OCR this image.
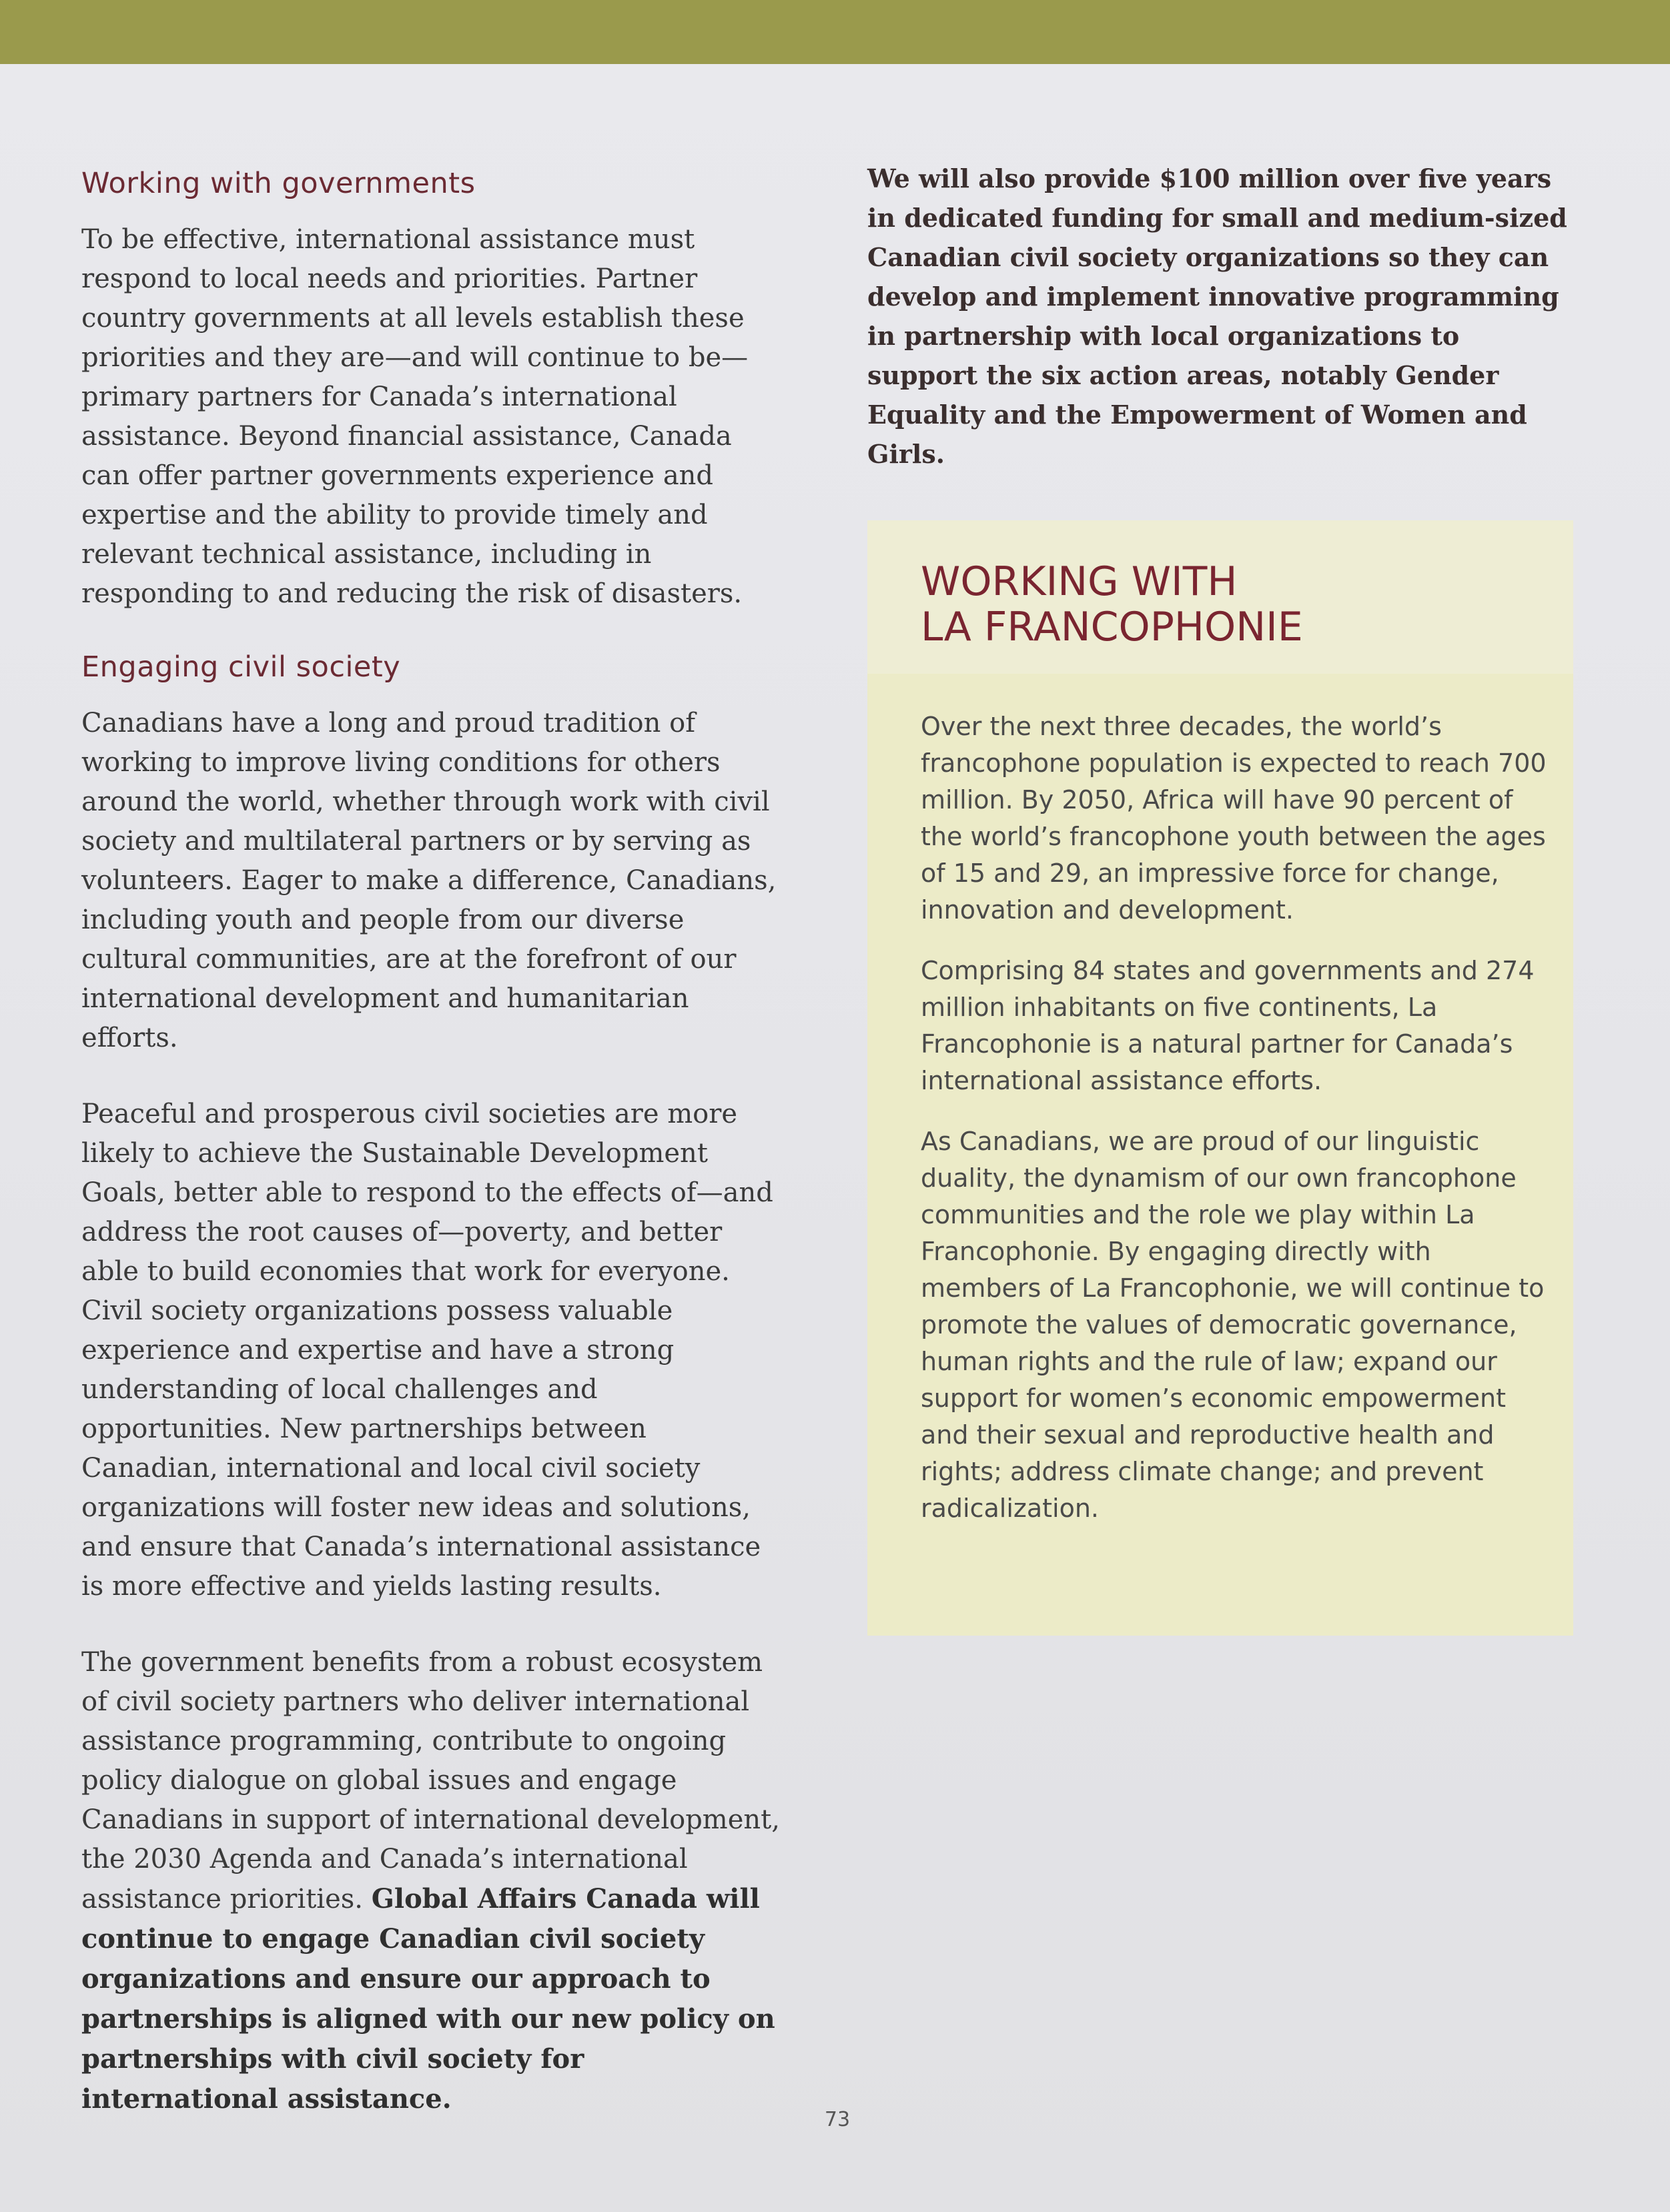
Working with governments

To be effective, international assistance must respond to local needs and priorities. Partner country governments at all levels establish these priorities and they are—and will continue to be—primary partners for Canada’s international assistance. Beyond financial assistance, Canada can offer partner governments experience and expertise and the ability to provide timely and relevant technical assistance, including in responding to and reducing the risk of disasters.

Engaging civil society

Canadians have a long and proud tradition of working to improve living conditions for others around the world, whether through work with civil society and multilateral partners or by serving as volunteers. Eager to make a difference, Canadians, including youth and people from our diverse cultural communities, are at the forefront of our international development and humanitarian efforts.

Peaceful and prosperous civil societies are more likely to achieve the Sustainable Development Goals, better able to respond to the effects of—and address the root causes of—poverty, and better able to build economies that work for everyone. Civil society organizations possess valuable experience and expertise and have a strong understanding of local challenges and opportunities. New partnerships between Canadian, international and local civil society organizations will foster new ideas and solutions, and ensure that Canada’s international assistance is more effective and yields lasting results.

The government benefits from a robust ecosystem of civil society partners who deliver international assistance programming, contribute to ongoing policy dialogue on global issues and engage Canadians in support of international development, the 2030 Agenda and Canada’s international assistance priorities. Global Affairs Canada will continue to engage Canadian civil society organizations and ensure our approach to partnerships is aligned with our new policy on partnerships with civil society for international assistance.

We will also provide $100 million over five years in dedicated funding for small and medium-sized Canadian civil society organizations so they can develop and implement innovative programming in partnership with local organizations to support the six action areas, notably Gender Equality and the Empowerment of Women and Girls.

WORKING WITH
LA FRANCOPHONIE

Over the next three decades, the world’s francophone population is expected to reach 700 million. By 2050, Africa will have 90 percent of the world’s francophone youth between the ages of 15 and 29, an impressive force for change, innovation and development.

Comprising 84 states and governments and 274 million inhabitants on five continents, La Francophonie is a natural partner for Canada’s international assistance efforts.

As Canadians, we are proud of our linguistic duality, the dynamism of our own francophone communities and the role we play within La Francophonie. By engaging directly with members of La Francophonie, we will continue to promote the values of democratic governance, human rights and the rule of law; expand our support for women’s economic empowerment and their sexual and reproductive health and rights; address climate change; and prevent radicalization.

73
